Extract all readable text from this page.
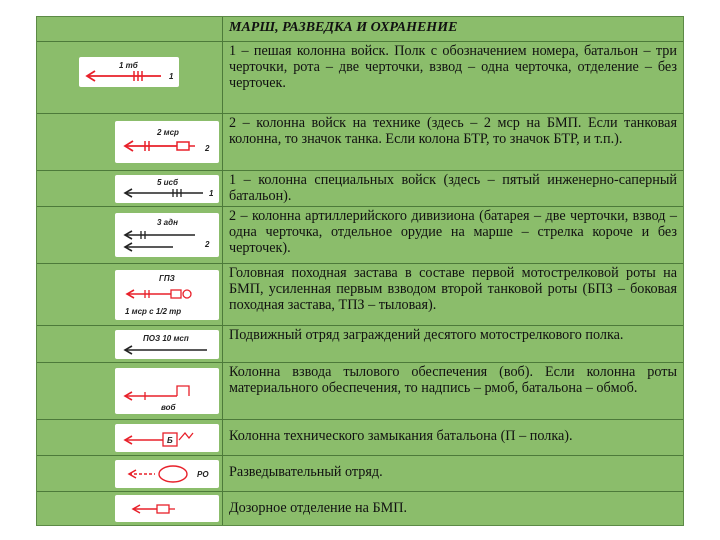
МАРШ, РАЗВЕДКА И ОХРАНЕНИЕ
1 тб
1
1 – пешая колонна войск. Полк с обозначением номера, батальон – три черточки, рота – две черточки, взвод – одна черточка, отделение – без черточек.
2 мср
2
2 – колонна войск на технике (здесь – 2 мср на БМП. Если танковая колонна, то значок танка. Если колона БТР, то значок БТР, и т.п.).
5 исб
1
1 – колонна специальных войск (здесь – пятый инженерно-саперный батальон).
3 адн
2
2 – колонна артиллерийского дивизиона (батарея – две черточки, взвод – одна черточка, отдельное орудие на марше – стрелка короче и без черточек).
ГПЗ
1 мср с 1/2 тр
Головная походная застава в составе первой мотострелковой роты на БМП, усиленная первым взводом второй танковой роты (БПЗ – боковая походная застава, ТПЗ – тыловая).
ПОЗ 10 мсп	Подвижный отряд заграждений десятого мотострелкового полка.
воб
Колонна взвода тылового обеспечения (воб). Если колонна роты материального обеспечения, то надпись – рмоб, батальона – обмоб.
Б	Колонна технического замыкания батальона (П – полка).
РО Разведывательный отряд.
Дозорное отделение на БМП.
